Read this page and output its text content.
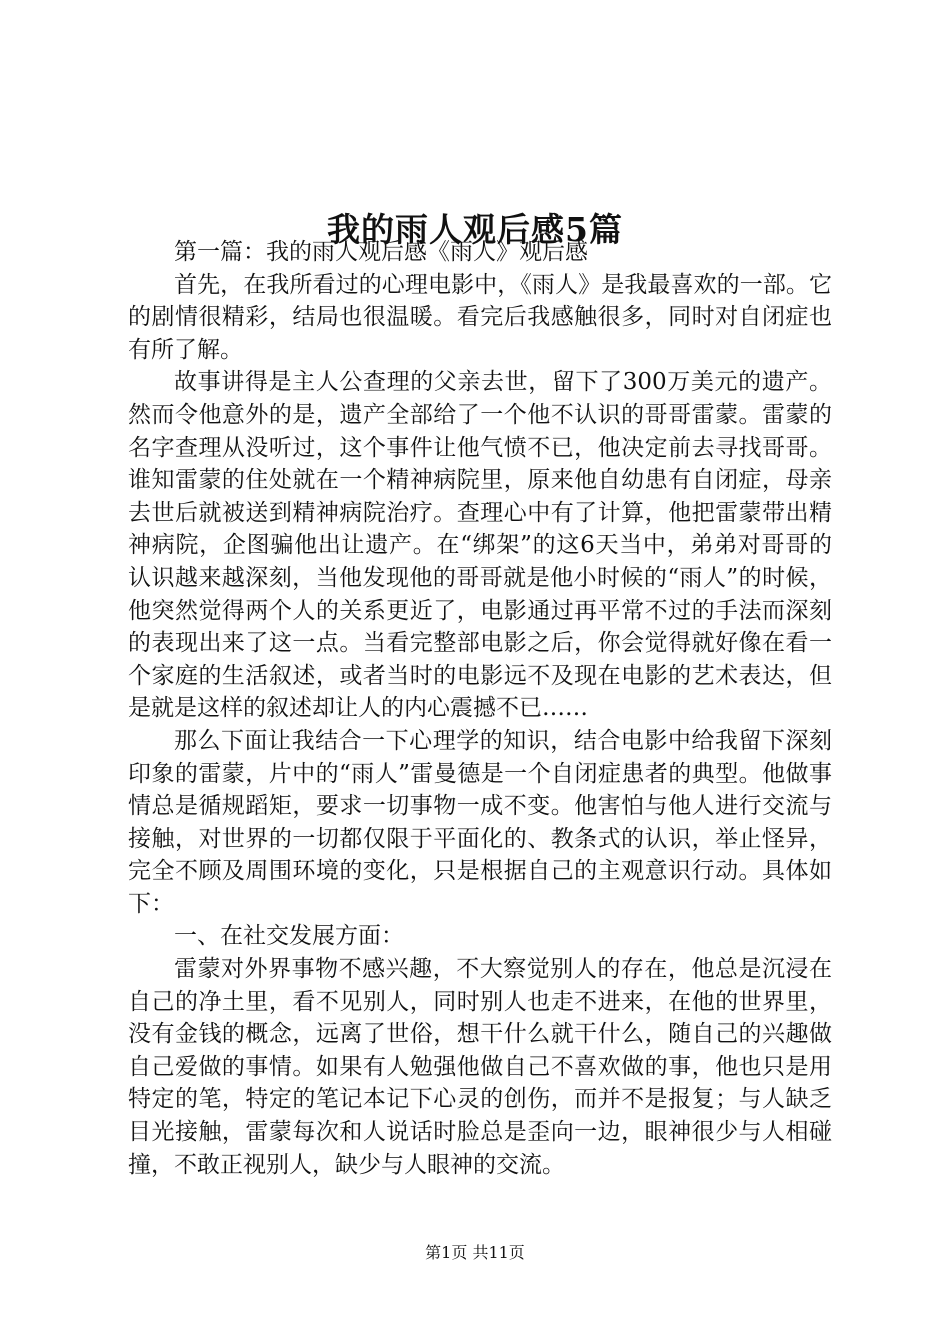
我的雨人观后感5篇

第一篇：我的雨人观后感《雨人》观后感

首先，在我所看过的心理电影中，《雨人》是我最喜欢的一部。它的剧情很精彩，结局也很温暖。看完后我感触很多，同时对自闭症也有所了解。

故事讲得是主人公查理的父亲去世，留下了300万美元的遗产。然而令他意外的是，遗产全部给了一个他不认识的哥哥雷蒙。雷蒙的名字查理从没听过，这个事件让他气愤不已，他决定前去寻找哥哥。谁知雷蒙的住处就在一个精神病院里，原来他自幼患有自闭症，母亲去世后就被送到精神病院治疗。查理心中有了计算，他把雷蒙带出精神病院，企图骗他出让遗产。在“绑架”的这6天当中，弟弟对哥哥的认识越来越深刻，当他发现他的哥哥就是他小时候的“雨人”的时候，他突然觉得两个人的关系更近了，电影通过再平常不过的手法而深刻的表现出来了这一点。当看完整部电影之后，你会觉得就好像在看一个家庭的生活叙述，或者当时的电影远不及现在电影的艺术表达，但是就是这样的叙述却让人的内心震撼不已……

那么下面让我结合一下心理学的知识，结合电影中给我留下深刻印象的雷蒙，片中的“雨人”雷曼德是一个自闭症患者的典型。他做事情总是循规蹈矩，要求一切事物一成不变。他害怕与他人进行交流与接触，对世界的一切都仅限于平面化的、教条式的认识，举止怪异，完全不顾及周围环境的变化，只是根据自己的主观意识行动。具体如下：

一、在社交发展方面：

雷蒙对外界事物不感兴趣，不大察觉别人的存在，他总是沉浸在自己的净土里，看不见别人，同时别人也走不进来，在他的世界里，没有金钱的概念，远离了世俗，想干什么就干什么，随自己的兴趣做自己爱做的事情。如果有人勉强他做自己不喜欢做的事，他也只是用特定的笔，特定的笔记本记下心灵的创伤，而并不是报复；与人缺乏目光接触，雷蒙每次和人说话时脸总是歪向一边，眼神很少与人相碰撞，不敢正视别人，缺少与人眼神的交流。

第1页 共11页
